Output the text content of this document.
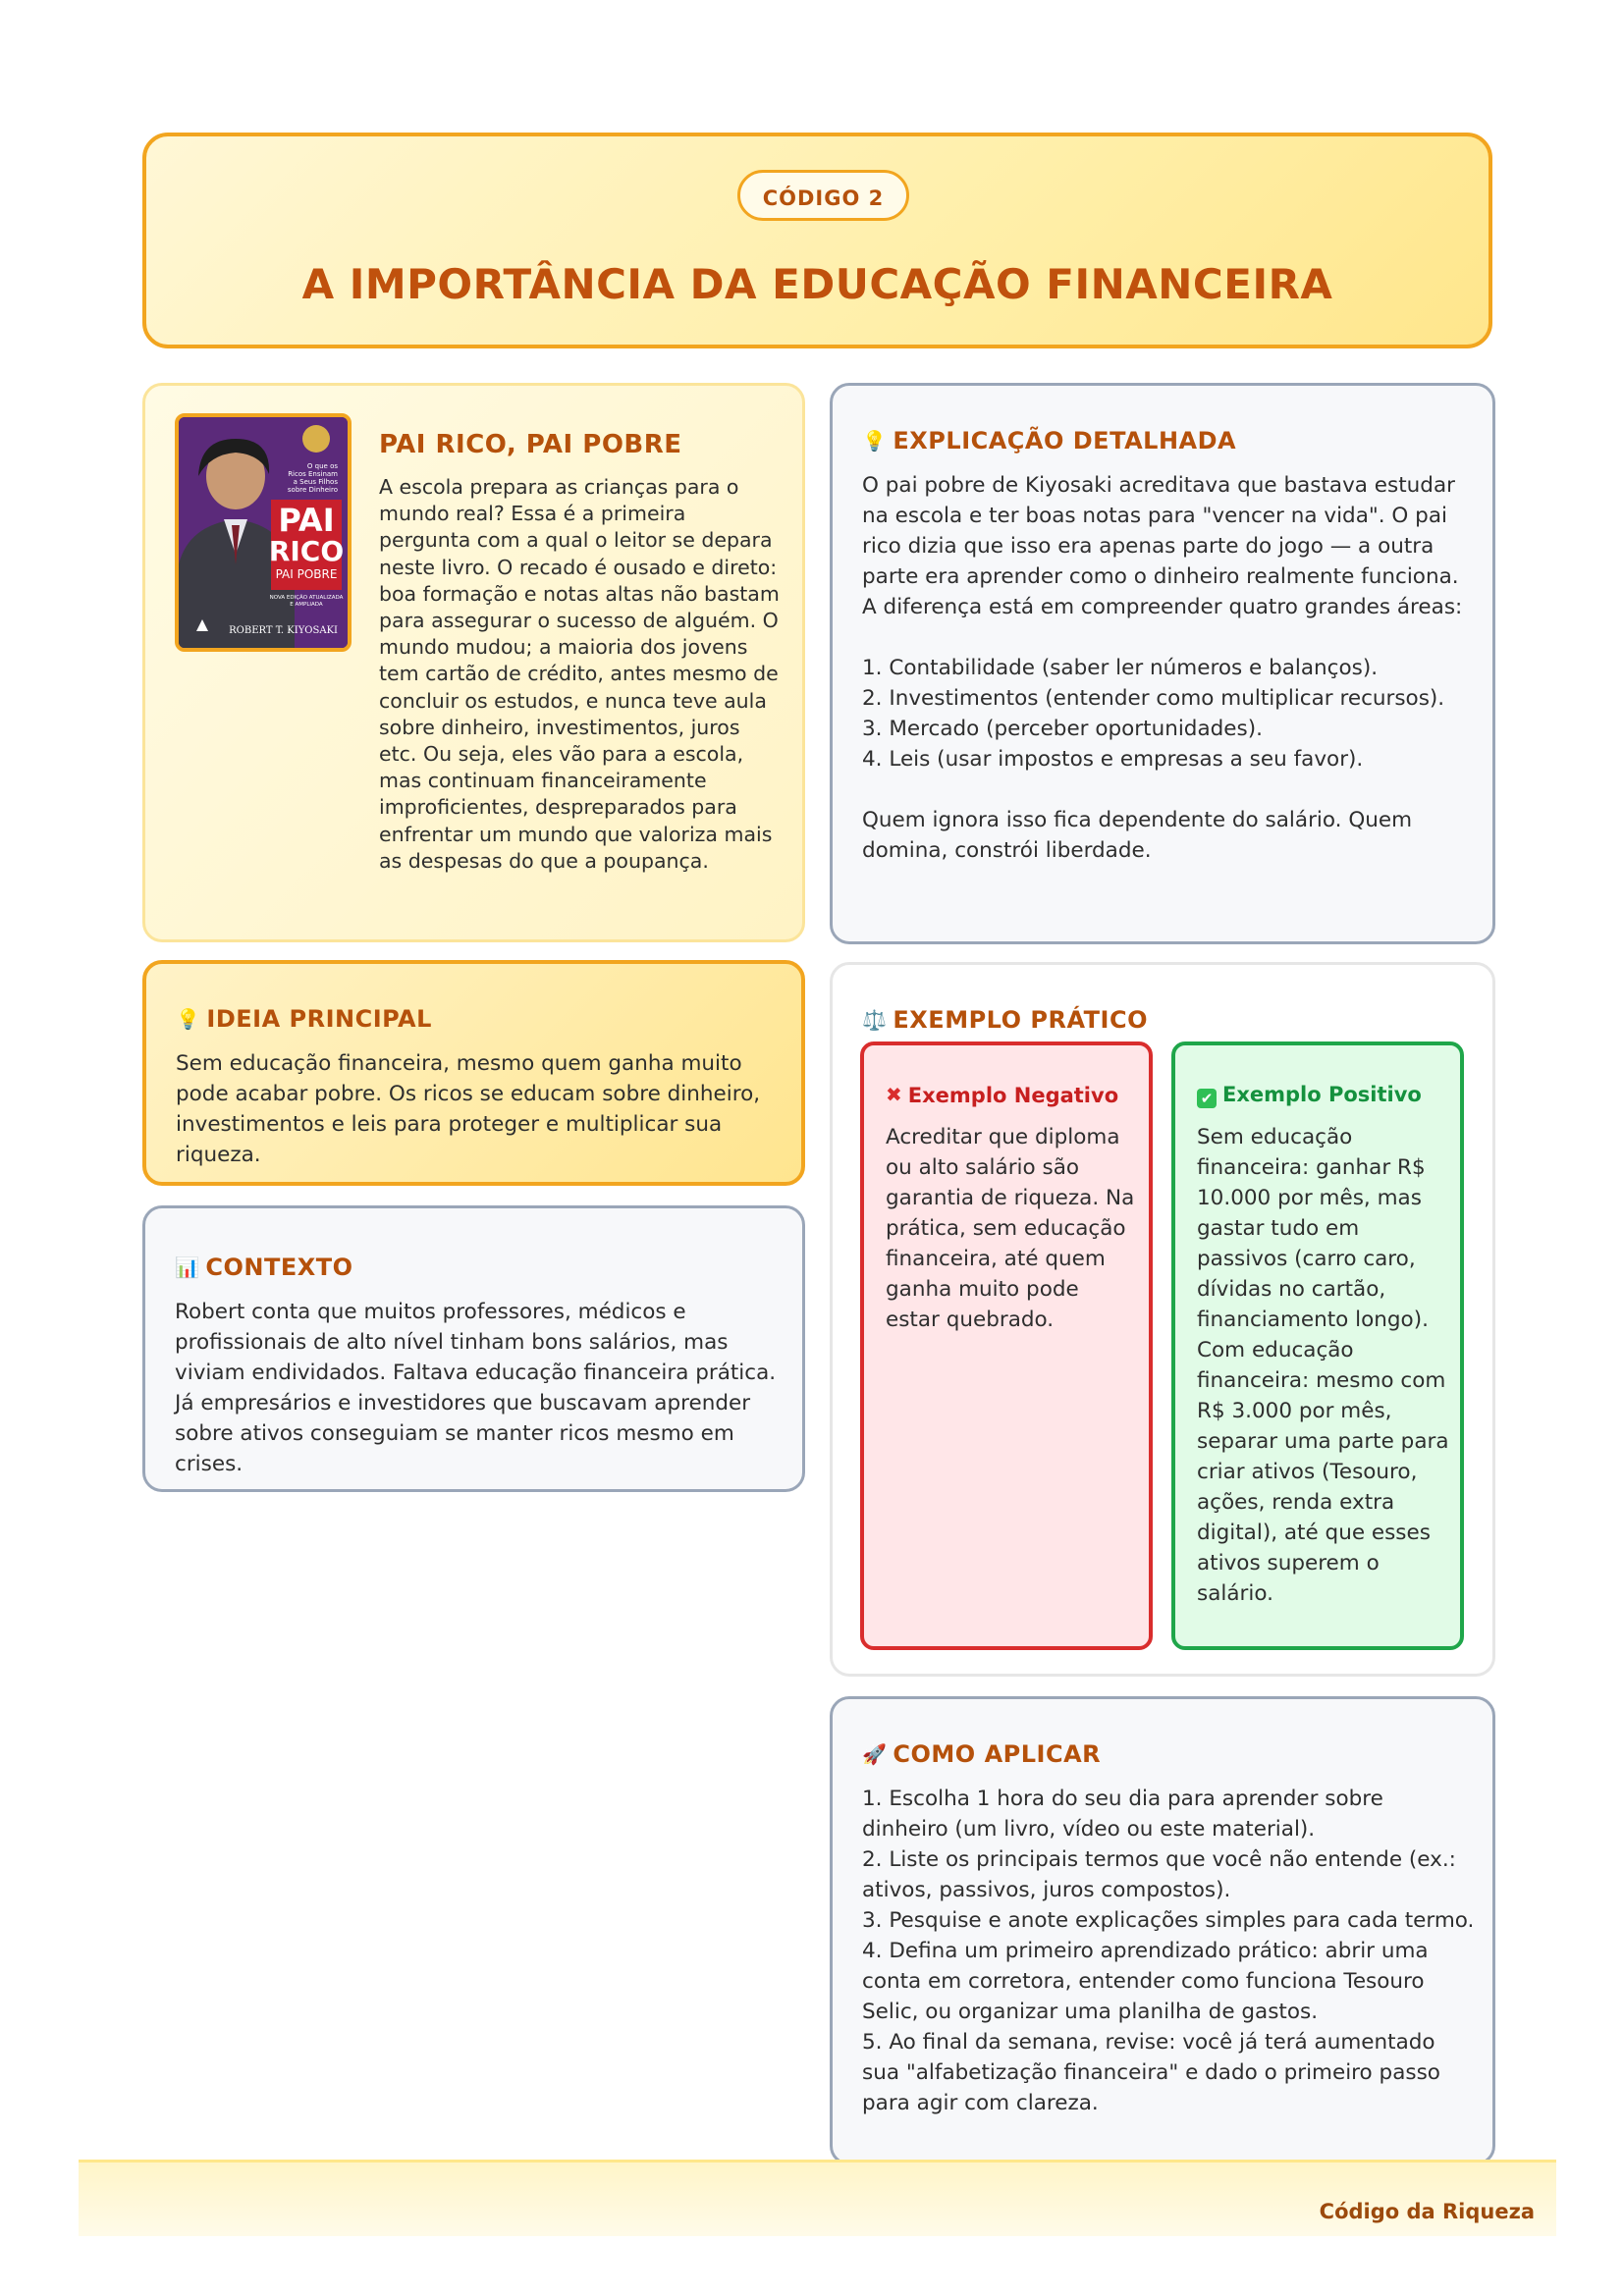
CÓDIGO 2
A IMPORTÂNCIA DA EDUCAÇÃO FINANCEIRA
O que os
Ricos Ensinam
a Seus Filhos
sobre Dinheiro
PAI
RICO
PAI POBRE
NOVA EDIÇÃO ATUALIZADA
E AMPLIADA
ROBERT T. KIYOSAKI
PAI RICO, PAI POBRE
A escola prepara as crianças para o mundo real? Essa é a primeira pergunta com a qual o leitor se depara neste livro. O recado é ousado e direto: boa formação e notas altas não bastam para assegurar o sucesso de alguém. O mundo mudou; a maioria dos jovens tem cartão de crédito, antes mesmo de concluir os estudos, e nunca teve aula sobre dinheiro, investimentos, juros etc. Ou seja, eles vão para a escola, mas continuam financeiramente improficientes, despreparados para enfrentar um mundo que valoriza mais as despesas do que a poupança.
💡 EXPLICAÇÃO DETALHADA

O pai pobre de Kiyosaki acreditava que bastava estudar na escola e ter boas notas para "vencer na vida". O pai rico dizia que isso era apenas parte do jogo — a outra parte era aprender como o dinheiro realmente funciona. A diferença está em compreender quatro grandes áreas:

1. Contabilidade (saber ler números e balanços).

2. Investimentos (entender como multiplicar recursos).

3. Mercado (perceber oportunidades).

4. Leis (usar impostos e empresas a seu favor).

Quem ignora isso fica dependente do salário. Quem domina, constrói liberdade.

💡 IDEIA PRINCIPAL
Sem educação financeira, mesmo quem ganha muito pode acabar pobre. Os ricos se educam sobre dinheiro, investimentos e leis para proteger e multiplicar sua riqueza.
📊 CONTEXTO
Robert conta que muitos professores, médicos e profissionais de alto nível tinham bons salários, mas viviam endividados. Faltava educação financeira prática. Já empresários e investidores que buscavam aprender sobre ativos conseguiam se manter ricos mesmo em crises.
⚖️ EXEMPLO PRÁTICO
✖ Exemplo Negativo
Acreditar que diploma ou alto salário são garantia de riqueza. Na prática, sem educação financeira, até quem ganha muito pode estar quebrado.
✔ Exemplo Positivo
Sem educação financeira: ganhar R$ 10.000 por mês, mas gastar tudo em passivos (carro caro, dívidas no cartão, financiamento longo). Com educação financeira: mesmo com R$ 3.000 por mês, separar uma parte para criar ativos (Tesouro, ações, renda extra digital), até que esses ativos superem o salário.
🚀 COMO APLICAR

1. Escolha 1 hora do seu dia para aprender sobre dinheiro (um livro, vídeo ou este material).

2. Liste os principais termos que você não entende (ex.: ativos, passivos, juros compostos).

3. Pesquise e anote explicações simples para cada termo.

4. Defina um primeiro aprendizado prático: abrir uma conta em corretora, entender como funciona Tesouro Selic, ou organizar uma planilha de gastos.

5. Ao final da semana, revise: você já terá aumentado sua "alfabetização financeira" e dado o primeiro passo para agir com clareza.

Código da Riqueza
